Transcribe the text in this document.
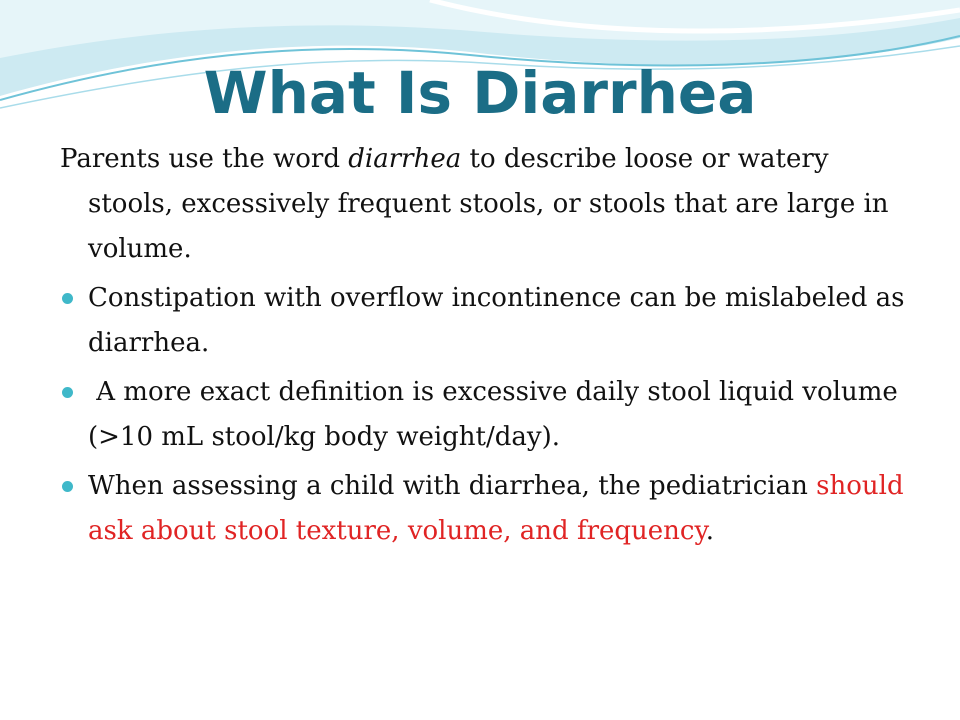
What Is Diarrhea

Parents use the word diarrhea to describe loose or watery stools, excessively frequent stools, or stools that are large in volume.

Constipation with overflow incontinence can be mislabeled as diarrhea.
A more exact definition is excessive daily stool liquid volume (>10 mL stool/kg body weight/day).
When assessing a child with diarrhea, the pediatrician should ask about stool texture, volume, and frequency.
